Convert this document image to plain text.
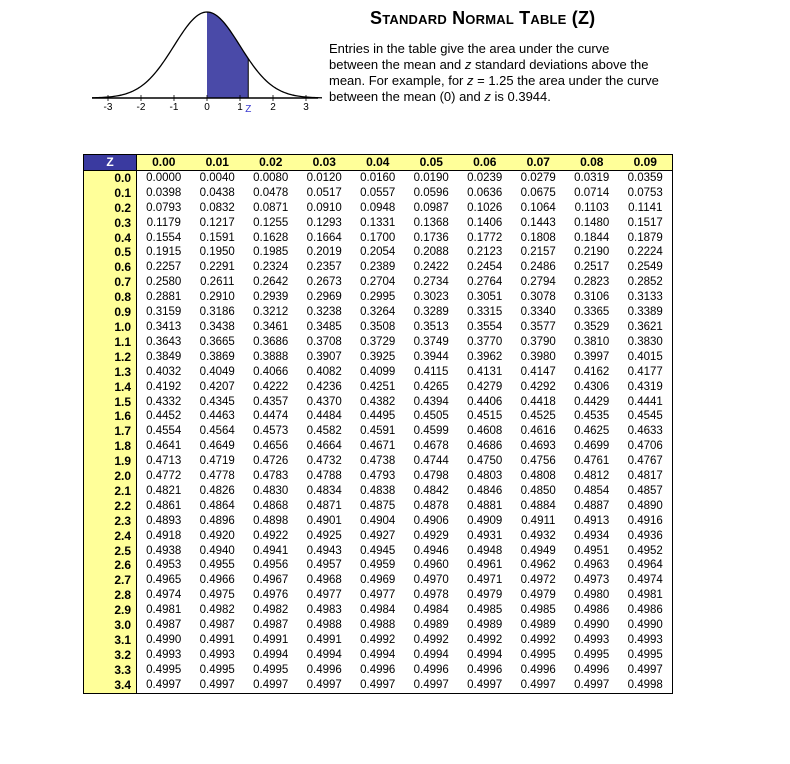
-3 -2 -1	0	1	2	3
Z
Standard Normal Table (Z)

Entries in the table give the area under the curve between the mean and z standard deviations above the mean. For example, for z = 1.25 the area under the curve between the mean (0) and z is 0.3944.

Z	0.00	0.01	0.02	0.03	0.04	0.05	0.06	0.07	0.08	0.09
0.0	0.0000	0.0040	0.0080	0.0120	0.0160	0.0190	0.0239	0.0279	0.0319	0.0359
0.1	0.0398	0.0438	0.0478	0.0517	0.0557	0.0596	0.0636	0.0675	0.0714	0.0753
0.2	0.0793	0.0832	0.0871	0.0910	0.0948	0.0987	0.1026	0.1064	0.1103	0.1141
0.3	0.1179	0.1217	0.1255	0.1293	0.1331	0.1368	0.1406	0.1443	0.1480	0.1517
0.4	0.1554	0.1591	0.1628	0.1664	0.1700	0.1736	0.1772	0.1808	0.1844	0.1879
0.5	0.1915	0.1950	0.1985	0.2019	0.2054	0.2088	0.2123	0.2157	0.2190	0.2224
0.6	0.2257	0.2291	0.2324	0.2357	0.2389	0.2422	0.2454	0.2486	0.2517	0.2549
0.7	0.2580	0.2611	0.2642	0.2673	0.2704	0.2734	0.2764	0.2794	0.2823	0.2852
0.8	0.2881	0.2910	0.2939	0.2969	0.2995	0.3023	0.3051	0.3078	0.3106	0.3133
0.9	0.3159	0.3186	0.3212	0.3238	0.3264	0.3289	0.3315	0.3340	0.3365	0.3389
1.0	0.3413	0.3438	0.3461	0.3485	0.3508	0.3513	0.3554	0.3577	0.3529	0.3621
1.1	0.3643	0.3665	0.3686	0.3708	0.3729	0.3749	0.3770	0.3790	0.3810	0.3830
1.2	0.3849	0.3869	0.3888	0.3907	0.3925	0.3944	0.3962	0.3980	0.3997	0.4015
1.3	0.4032	0.4049	0.4066	0.4082	0.4099	0.4115	0.4131	0.4147	0.4162	0.4177
1.4	0.4192	0.4207	0.4222	0.4236	0.4251	0.4265	0.4279	0.4292	0.4306	0.4319
1.5	0.4332	0.4345	0.4357	0.4370	0.4382	0.4394	0.4406	0.4418	0.4429	0.4441
1.6	0.4452	0.4463	0.4474	0.4484	0.4495	0.4505	0.4515	0.4525	0.4535	0.4545
1.7	0.4554	0.4564	0.4573	0.4582	0.4591	0.4599	0.4608	0.4616	0.4625	0.4633
1.8	0.4641	0.4649	0.4656	0.4664	0.4671	0.4678	0.4686	0.4693	0.4699	0.4706
1.9	0.4713	0.4719	0.4726	0.4732	0.4738	0.4744	0.4750	0.4756	0.4761	0.4767
2.0	0.4772	0.4778	0.4783	0.4788	0.4793	0.4798	0.4803	0.4808	0.4812	0.4817
2.1	0.4821	0.4826	0.4830	0.4834	0.4838	0.4842	0.4846	0.4850	0.4854	0.4857
2.2	0.4861	0.4864	0.4868	0.4871	0.4875	0.4878	0.4881	0.4884	0.4887	0.4890
2.3	0.4893	0.4896	0.4898	0.4901	0.4904	0.4906	0.4909	0.4911	0.4913	0.4916
2.4	0.4918	0.4920	0.4922	0.4925	0.4927	0.4929	0.4931	0.4932	0.4934	0.4936
2.5	0.4938	0.4940	0.4941	0.4943	0.4945	0.4946	0.4948	0.4949	0.4951	0.4952
2.6	0.4953	0.4955	0.4956	0.4957	0.4959	0.4960	0.4961	0.4962	0.4963	0.4964
2.7	0.4965	0.4966	0.4967	0.4968	0.4969	0.4970	0.4971	0.4972	0.4973	0.4974
2.8	0.4974	0.4975	0.4976	0.4977	0.4977	0.4978	0.4979	0.4979	0.4980	0.4981
2.9	0.4981	0.4982	0.4982	0.4983	0.4984	0.4984	0.4985	0.4985	0.4986	0.4986
3.0	0.4987	0.4987	0.4987	0.4988	0.4988	0.4989	0.4989	0.4989	0.4990	0.4990
3.1	0.4990	0.4991	0.4991	0.4991	0.4992	0.4992	0.4992	0.4992	0.4993	0.4993
3.2	0.4993	0.4993	0.4994	0.4994	0.4994	0.4994	0.4994	0.4995	0.4995	0.4995
3.3	0.4995	0.4995	0.4995	0.4996	0.4996	0.4996	0.4996	0.4996	0.4996	0.4997
3.4	0.4997	0.4997	0.4997	0.4997	0.4997	0.4997	0.4997	0.4997	0.4997	0.4998
